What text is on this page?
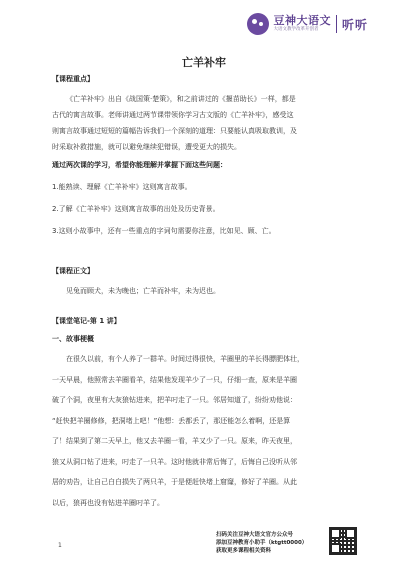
豆神大语文
大语文教学改革开创者	听听
亡羊补牢
【课程重点】

《亡羊补牢》出自《战国策·楚策》，和之前讲过的《揠苗助长》一样，都是

古代的寓言故事。老师讲通过两节课带领你学习古文版的《亡羊补牢》，感受这

则寓言故事通过短短的篇幅告诉我们一个深刻的道理：只要能认真吸取教训，及

时采取补救措施，就可以避免继续犯错误，遭受更大的损失。

通过两次课的学习，希望你能理解并掌握下面这些问题：

1.能熟读、理解《亡羊补牢》这则寓言故事。

2.了解《亡羊补牢》这则寓言故事的出处及历史背景。

3.这则小故事中，还有一些重点的字词句需要你注意，比如见、顾、亡。

【课程正文】

见兔而顾犬，未为晚也；亡羊而补牢，未为迟也。

【课堂笔记-第 1 讲】
一、故事梗概

在很久以前，有个人养了一群羊。时间过得很快，羊圈里的羊长得膘肥体壮，

一天早晨，他照常去羊圈看羊，结果他发现羊少了一只，仔细一查，原来是羊圈

破了个洞，夜里有大灰狼钻进来，把羊叼走了一只。邻居知道了，纷纷劝他说：

“赶快把羊圈修修，把洞堵上吧！”他想：丢都丢了，那还能怎么着啊，还是算

了！结果到了第二天早上，他又去羊圈一看，羊又少了一只。原来，昨天夜里，

狼又从洞口钻了进来，叼走了一只羊。这时他就非常后悔了，后悔自己没听从邻

居的劝告，让自己白白损失了两只羊，于是便赶快堵上窟窿，修好了羊圈。从此

以后，狼再也没有钻进羊圈叼羊了。

1
扫码关注豆神大语文官方公众号
添加豆神教育小助手（ktgtt0000）
获取更多课程相关资料
